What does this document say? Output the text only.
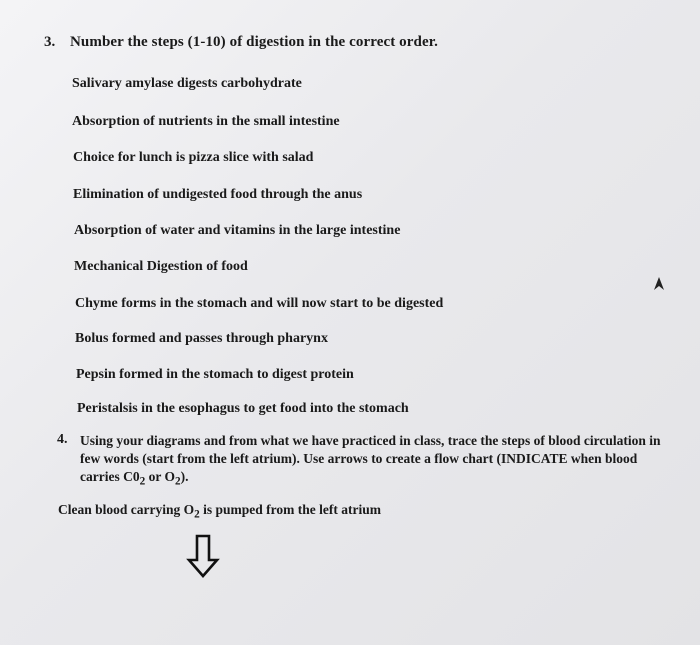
3. Number the steps (1-10) of digestion in the correct order.
Salivary amylase digests carbohydrate
Absorption of nutrients in the small intestine
Choice for lunch is pizza slice with salad
Elimination of undigested food through the anus
Absorption of water and vitamins in the large intestine
Mechanical Digestion of food
Chyme forms in the stomach and will now start to be digested
Bolus formed and passes through pharynx
Pepsin formed in the stomach to digest protein
Peristalsis in the esophagus to get food into the stomach
4. Using your diagrams and from what we have practiced in class, trace the steps of blood circulation in
few words (start from the left atrium). Use arrows to create a flow chart (INDICATE when blood
carries $C0_2$ or $O_2$).
Clean blood carrying $O_2$ is pumped from the left atrium
